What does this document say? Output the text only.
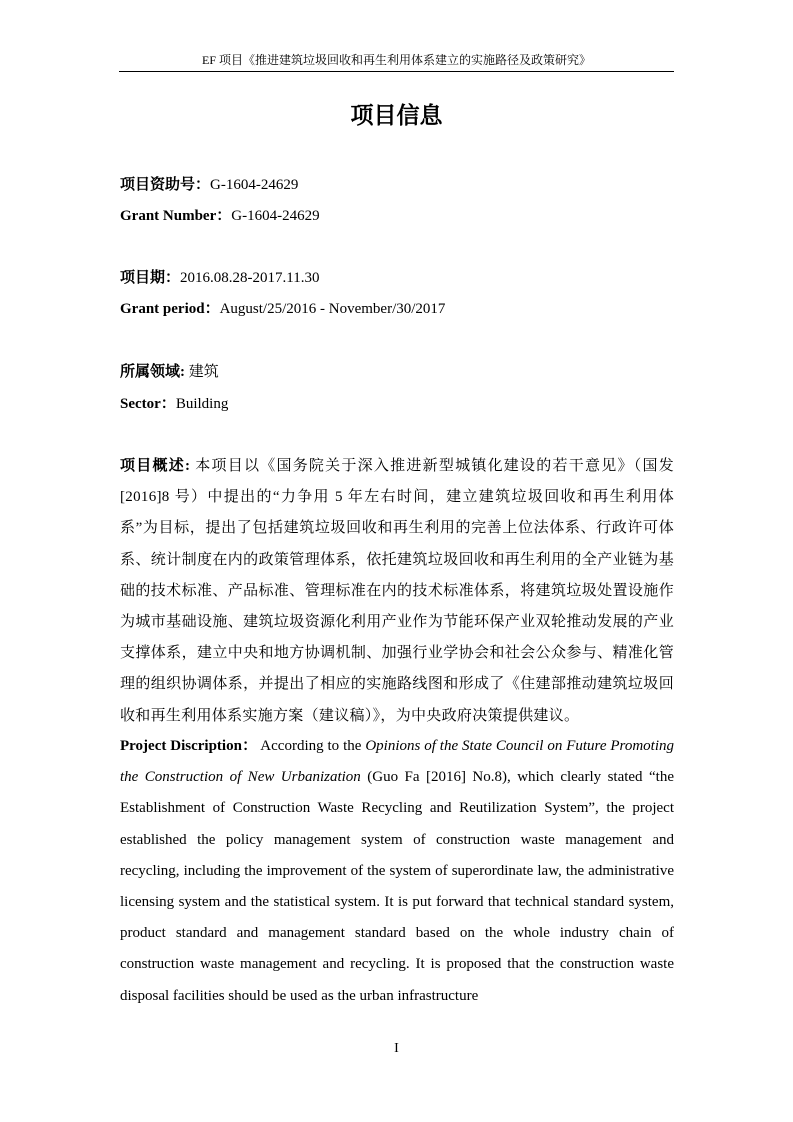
EF 项目《推进建筑垃圾回收和再生利用体系建立的实施路径及政策研究》
项目信息
项目资助号：G-1604-24629
Grant Number：G-1604-24629
项目期：2016.08.28-2017.11.30
Grant period：August/25/2016 - November/30/2017
所属领域: 建筑
Sector：Building
项目概述: 本项目以《国务院关于深入推进新型城镇化建设的若干意见》（国发[2016]8 号）中提出的“力争用 5 年左右时间，建立建筑垃圾回收和再生利用体系”为目标，提出了包括建筑垃圾回收和再生利用的完善上位法体系、行政许可体系、统计制度在内的政策管理体系，依托建筑垃圾回收和再生利用的全产业链为基础的技术标准、产品标准、管理标准在内的技术标准体系，将建筑垃圾处置设施作为城市基础设施、建筑垃圾资源化利用产业作为节能环保产业双轮推动发展的产业支撑体系，建立中央和地方协调机制、加强行业学协会和社会公众参与、精准化管理的组织协调体系，并提出了相应的实施路线图和形成了《住建部推动建筑垃圾回收和再生利用体系实施方案（建议稿）》，为中央政府决策提供建议。
Project Discription： According to the Opinions of the State Council on Future Promoting the Construction of New Urbanization (Guo Fa [2016] No.8), which clearly stated “the Establishment of Construction Waste Recycling and Reutilization System”, the project established the policy management system of construction waste management and recycling, including the improvement of the system of superordinate law, the administrative licensing system and the statistical system. It is put forward that technical standard system, product standard and management standard based on the whole industry chain of construction waste management and recycling. It is proposed that the construction waste disposal facilities should be used as the urban infrastructure
I
